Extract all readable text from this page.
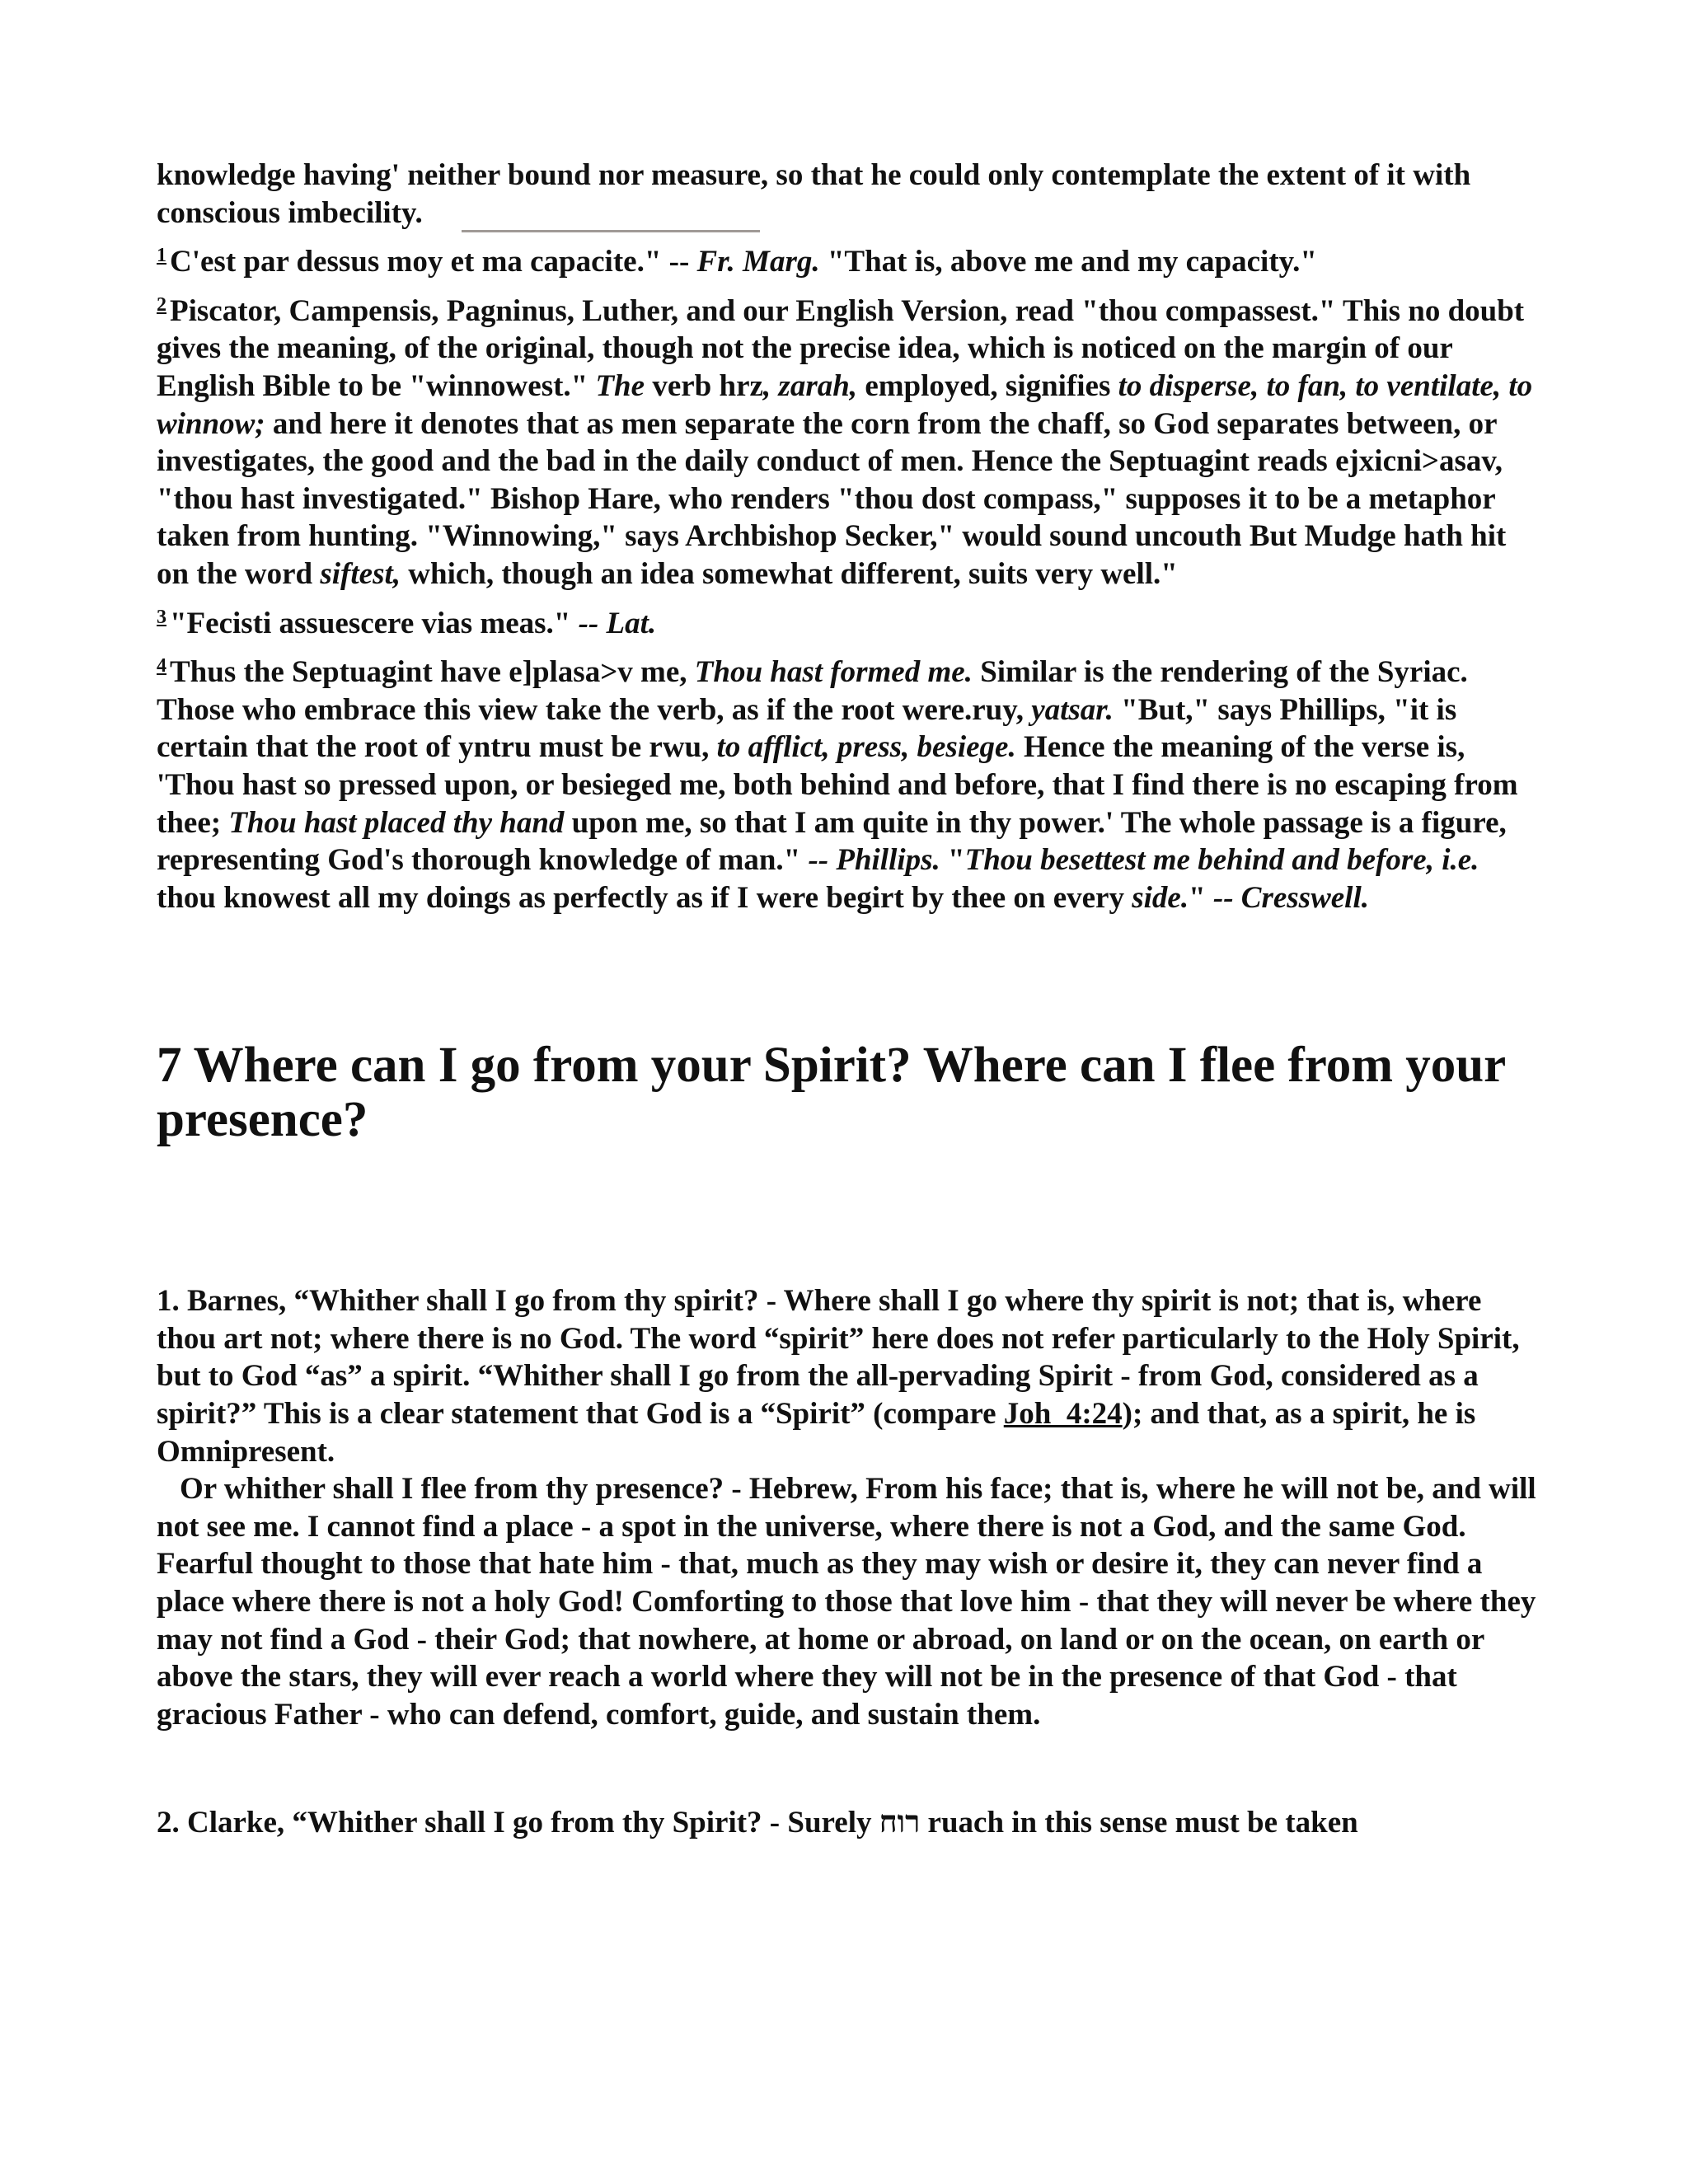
knowledge having' neither bound nor measure, so that he could only contemplate the extent of it with conscious imbecility.

$^1$ C'est par dessus moy et ma capacite." -- Fr. Marg. "That is, above me and my capacity."

$^2$ Piscator, Campensis, Pagninus, Luther, and our English Version, read "thou compassest." This no doubt gives the meaning, of the original, though not the precise idea, which is noticed on the margin of our English Bible to be "winnowest." The verb hrz, zarah, employed, signifies to disperse, to fan, to ventilate, to winnow; and here it denotes that as men separate the corn from the chaff, so God separates between, or investigates, the good and the bad in the daily conduct of men. Hence the Septuagint reads ejxicni>asav, "thou hast investigated." Bishop Hare, who renders "thou dost compass," supposes it to be a metaphor taken from hunting. "Winnowing," says Archbishop Secker," would sound uncouth But Mudge hath hit on the word siftest, which, though an idea somewhat different, suits very well."

$^3$ "Fecisti assuescere vias meas." -- Lat.

$^4$ Thus the Septuagint have e]plasa>v me, Thou hast formed me. Similar is the rendering of the Syriac. Those who embrace this view take the verb, as if the root were.ruy, yatsar. "But," says Phillips, "it is certain that the root of yntru must be rwu, to afflict, press, besiege. Hence the meaning of the verse is, 'Thou hast so pressed upon, or besieged me, both behind and before, that I find there is no escaping from thee; Thou hast placed thy hand upon me, so that I am quite in thy power.' The whole passage is a figure, representing God's thorough knowledge of man." -- Phillips. "Thou besettest me behind and before, i.e. thou knowest all my doings as perfectly as if I were begirt by thee on every side." -- Cresswell.

7 Where can I go from your Spirit? Where can I flee from your presence?

1. Barnes, “Whither shall I go from thy spirit? - Where shall I go where thy spirit is not; that is, where thou art not; where there is no God. The word “spirit” here does not refer particularly to the Holy Spirit, but to God “as” a spirit. “Whither shall I go from the all-pervading Spirit - from God, considered as a spirit?” This is a clear statement that God is a “Spirit” (compare Joh_4:24); and that, as a spirit, he is Omnipresent.

Or whither shall I flee from thy presence? - Hebrew, From his face; that is, where he will not be, and will not see me. I cannot find a place - a spot in the universe, where there is not a God, and the same God. Fearful thought to those that hate him - that, much as they may wish or desire it, they can never find a place where there is not a holy God! Comforting to those that love him - that they will never be where they may not find a God - their God; that nowhere, at home or abroad, on land or on the ocean, on earth or above the stars, they will ever reach a world where they will not be in the presence of that God - that gracious Father - who can defend, comfort, guide, and sustain them.

2. Clarke, “Whither shall I go from thy Spirit? - Surely רוח ruach in this sense must be taken
